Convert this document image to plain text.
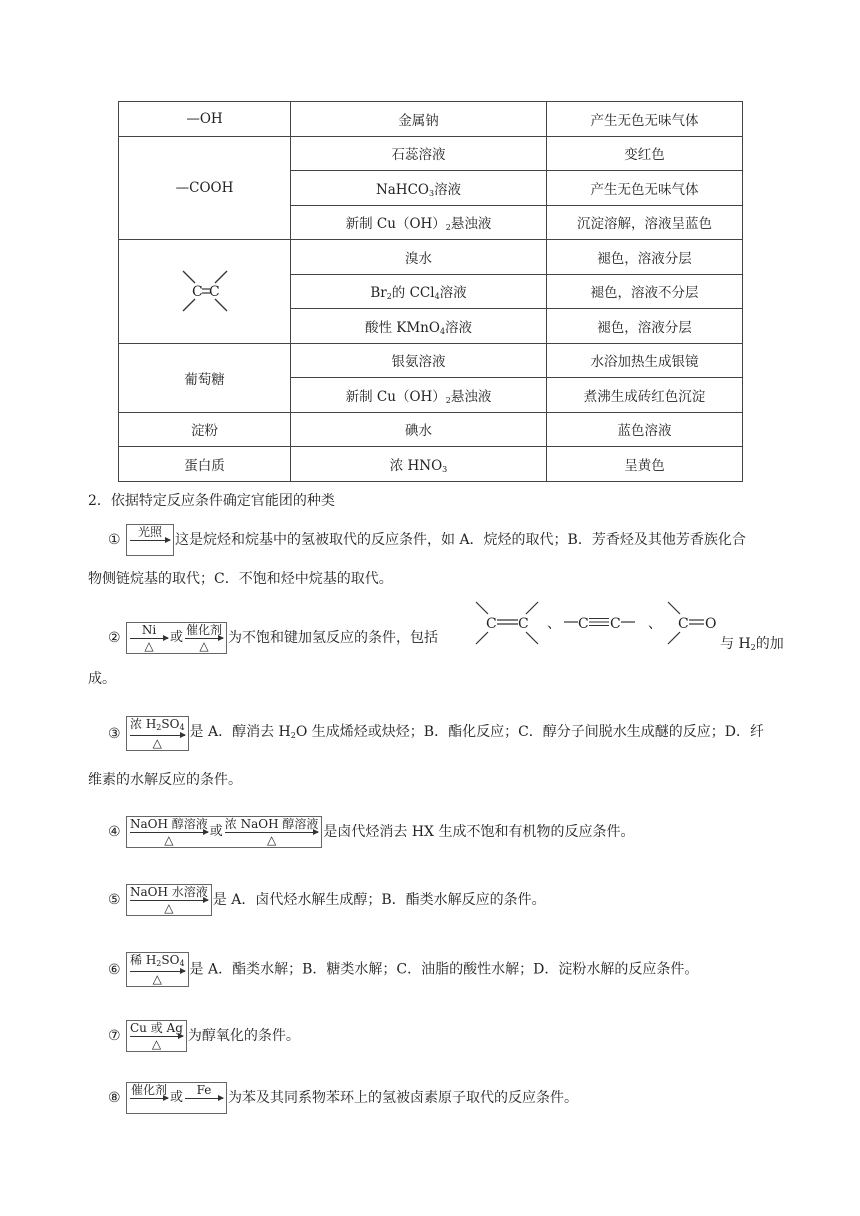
—OH	金属钠	产生无色无味气体
—COOH	石蕊溶液	变红色
	NaHCO$_3$溶液	产生无色无味气体
	新制 $Cu(OH)_2$悬浊液	沉淀溶解，溶液呈蓝色

C C	溴水	褪色，溶液分层
	$Br_2$的 CCl$_4$溶液	褪色，溶液不分层
	酸性 KMnO$_4$溶液	褪色，溶液分层
葡萄糖	银氨溶液	水浴加热生成银镜
	新制 $Cu(OH)_2$悬浊液	煮沸生成砖红色沉淀
淀粉	碘水	蓝色溶液
蛋白质	浓 $HNO_3$	呈黄色
2．依据特定反应条件确定官能团的种类
① 光照 这是烷烃和烷基中的氢被取代的反应条件，如 A．烷烃的取代；B．芳香烃及其他芳香族化合
物侧链烷基的取代；C．不饱和烃中烷基的取代。
② Ni
△
或 催化剂
△ 为不饱和键加氢反应的条件，包括
C C 、 C C 、 C O
与 $H_2$的加
成。
③
浓 $H_2SO_4$
△
是 A．醇消去 $H_2O$ 生成烯烃或炔烃；B．酯化反应；C．醇分子间脱水生成醚的反应；D．纤
维素的水解反应的条件。
④ NaOH 醇溶液
△
或 浓 NaOH 醇溶液
△	是卤代烃消去 HX 生成不饱和有机物的反应条件。
⑤ NaOH 水溶液
△	是 A．卤代烃水解生成醇；B．酯类水解反应的条件。
⑥
稀 $H_2SO_4$
△
是 A．酯类水解；B．糖类水解；C．油脂的酸性水解；D．淀粉水解的反应条件。
⑦ Cu 或 Ag
△ 为醇氧化的条件。
⑧ 催化剂 或 Fe 为苯及其同系物苯环上的氢被卤素原子取代的反应条件。
